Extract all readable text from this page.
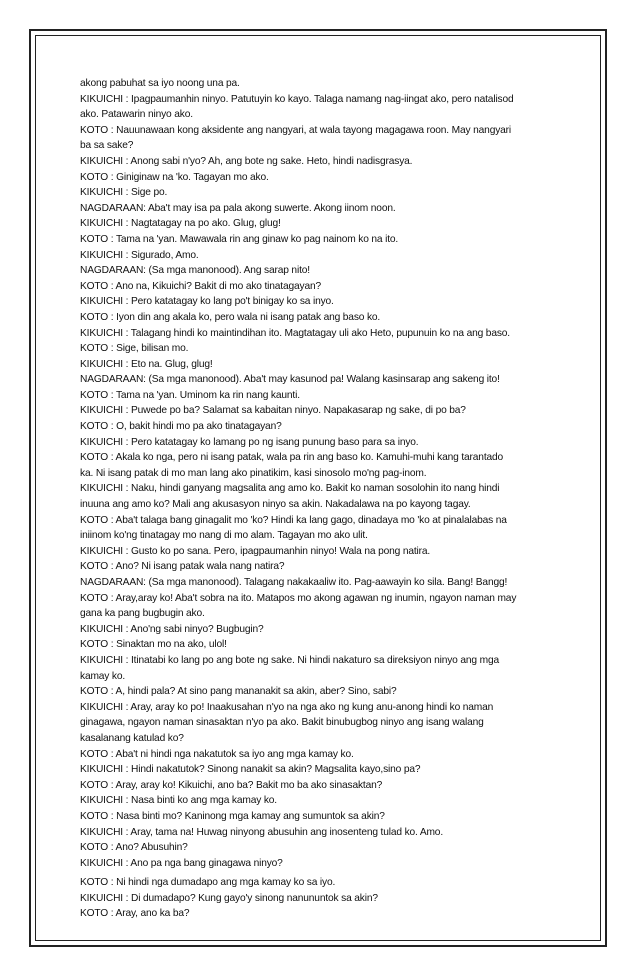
akong pabuhat sa iyo noong una pa.
KIKUICHI : Ipagpaumanhin ninyo. Patutuyin ko kayo. Talaga namang nag-iingat ako, pero natalisod
ako. Patawarin ninyo ako.
KOTO : Nauunawaan kong aksidente ang nangyari, at wala tayong magagawa roon. May nangyari
ba sa sake?
KIKUICHI : Anong sabi n'yo? Ah, ang bote ng sake. Heto, hindi nadisgrasya.
KOTO : Giniginaw na 'ko. Tagayan mo ako.
KIKUICHI : Sige po.
NAGDARAAN: Aba't may isa pa pala akong suwerte. Akong iinom noon.
KIKUICHI : Nagtatagay na po ako. Glug, glug!
KOTO : Tama na 'yan. Mawawala rin ang ginaw ko pag nainom ko na ito.
KIKUICHI : Sigurado, Amo.
NAGDARAAN: (Sa mga manonood). Ang sarap nito!
KOTO : Ano na, Kikuichi? Bakit di mo ako tinatagayan?
KIKUICHI : Pero katatagay ko lang po't binigay ko sa inyo.
KOTO : Iyon din ang akala ko, pero wala ni isang patak ang baso ko.
KIKUICHI : Talagang hindi ko maintindihan ito. Magtatagay uli ako Heto, pupunuin ko na ang baso.
KOTO : Sige, bilisan mo.
KIKUICHI : Eto na. Glug, glug!
NAGDARAAN: (Sa mga manonood). Aba't may kasunod pa! Walang kasinsarap ang sakeng ito!
KOTO : Tama na 'yan. Uminom ka rin nang kaunti.
KIKUICHI : Puwede po ba? Salamat sa kabaitan ninyo. Napakasarap ng sake, di po ba?
KOTO : O, bakit hindi mo pa ako tinatagayan?
KIKUICHI : Pero katatagay ko lamang po ng isang punung baso para sa inyo.
KOTO : Akala ko nga, pero ni isang patak, wala pa rin ang baso ko. Kamuhi-muhi kang tarantado
ka. Ni isang patak di mo man lang ako pinatikim, kasi sinosolo mo'ng pag-inom.
KIKUICHI : Naku, hindi ganyang magsalita ang amo ko. Bakit ko naman sosolohin ito nang hindi
inuuna ang amo ko? Mali ang akusasyon ninyo sa akin. Nakadalawa na po kayong tagay.
KOTO : Aba't talaga bang ginagalit mo 'ko? Hindi ka lang gago, dinadaya mo 'ko at pinalalabas na
iniinom ko'ng tinatagay mo nang di mo alam. Tagayan mo ako ulit.
KIKUICHI : Gusto ko po sana. Pero, ipagpaumanhin ninyo! Wala na pong natira.
KOTO : Ano? Ni isang patak wala nang natira?
NAGDARAAN: (Sa mga manonood). Talagang nakakaaliw ito. Pag-aawayin ko sila. Bang! Bangg!
KOTO : Aray,aray ko! Aba't sobra na ito. Matapos mo akong agawan ng inumin, ngayon naman may
gana ka pang bugbugin ako.
KIKUICHI : Ano'ng sabi ninyo? Bugbugin?
KOTO : Sinaktan mo na ako, ulol!
KIKUICHI : Itinatabi ko lang po ang bote ng sake. Ni hindi nakaturo sa direksiyon ninyo ang mga
kamay ko.
KOTO : A, hindi pala? At sino pang mananakit sa akin, aber? Sino, sabi?
KIKUICHI : Aray, aray ko po! Inaakusahan n'yo na nga ako ng kung anu-anong hindi ko naman
ginagawa, ngayon naman sinasaktan n'yo pa ako. Bakit binubugbog ninyo ang isang walang
kasalanang katulad ko?
KOTO : Aba't ni hindi nga nakatutok sa iyo ang mga kamay ko.
KIKUICHI : Hindi nakatutok? Sinong nanakit sa akin? Magsalita kayo,sino pa?
KOTO : Aray, aray ko! Kikuichi, ano ba? Bakit mo ba ako sinasaktan?
KIKUICHI : Nasa binti ko ang mga kamay ko.
KOTO : Nasa binti mo? Kaninong mga kamay ang sumuntok sa akin?
KIKUICHI : Aray, tama na! Huwag ninyong abusuhin ang inosenteng tulad ko. Amo.
KOTO : Ano? Abusuhin?
KIKUICHI : Ano pa nga bang ginagawa ninyo?
KOTO : Ni hindi nga dumadapo ang mga kamay ko sa iyo.
KIKUICHI : Di dumadapo? Kung gayo'y sinong nanununtok sa akin?
KOTO : Aray, ano ka ba?
